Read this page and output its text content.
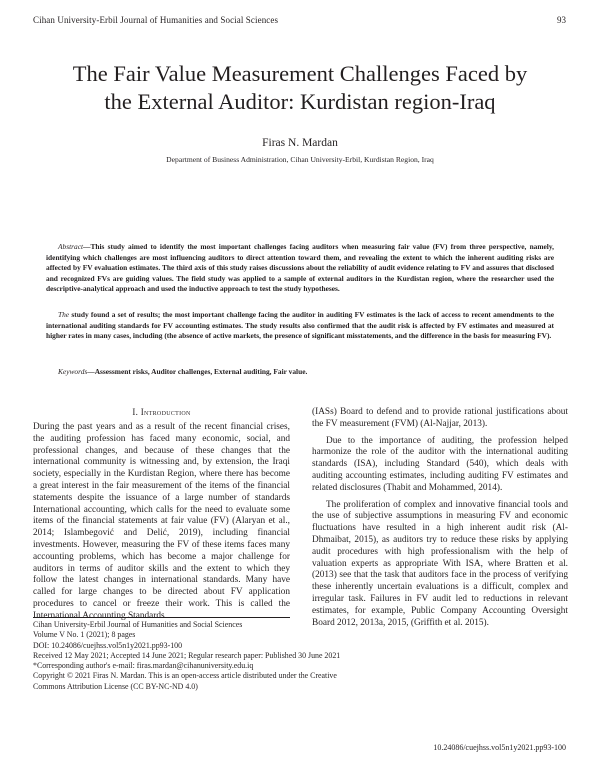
Cihan University-Erbil Journal of Humanities and Social Sciences	93
The Fair Value Measurement Challenges Faced by
the External Auditor: Kurdistan region-Iraq
Firas N. Mardan
Department of Business Administration, Cihan University-Erbil, Kurdistan Region, Iraq

Abstract—This study aimed to identify the most important challenges facing auditors when measuring fair value (FV) from three perspective, namely, identifying which challenges are most influencing auditors to direct attention toward them, and revealing the extent to which the inherent auditing risks are affected by FV evaluation estimates. The third axis of this study raises discussions about the reliability of audit evidence relating to FV and assures that disclosed and recognized FVs are guiding values. The field study was applied to a sample of external auditors in the Kurdistan region, where the researcher used the descriptive-analytical approach and used the inductive approach to test the study hypotheses.

The study found a set of results; the most important challenge facing the auditor in auditing FV estimates is the lack of access to recent amendments to the international auditing standards for FV accounting estimates. The study results also confirmed that the audit risk is affected by FV estimates and measured at higher rates in many cases, including (the absence of active markets, the presence of significant misstatements, and the difference in the basis for measuring FV).

Keywords—Assessment risks, Auditor challenges, External auditing, Fair value.

I. Introduction

During the past years and as a result of the recent financial crises, the auditing profession has faced many economic, social, and professional changes, and because of these changes that the international community is witnessing and, by extension, the Iraqi society, especially in the Kurdistan Region, where there has become a great interest in the fair measurement of the items of the financial statements despite the issuance of a large number of standards International accounting, which calls for the need to evaluate some items of the financial statements at fair value (FV) (Alaryan et al., 2014; Islambegović and Delić, 2019), including financial investments. However, measuring the FV of these items faces many accounting problems, which has become a major challenge for auditors in terms of auditor skills and the extent to which they follow the latest changes in international standards. Many have called for large changes to be directed about FV application procedures to cancel or freeze their work. This is called the International Accounting Standards

(IASs) Board to defend and to provide rational justifications about the FV measurement (FVM) (Al-Najjar, 2013).

Due to the importance of auditing, the profession helped harmonize the role of the auditor with the international auditing standards (ISA), including Standard (540), which deals with auditing accounting estimates, including auditing FV estimates and related disclosures (Thabit and Mohammed, 2014).

The proliferation of complex and innovative financial tools and the use of subjective assumptions in measuring FV and economic fluctuations have resulted in a high inherent audit risk (Al-Dhmaibat, 2015), as auditors try to reduce these risks by applying audit procedures with high professionalism with the help of valuation experts as appropriate With ISA, where Bratten et al. (2013) see that the task that auditors face in the process of verifying these inherently uncertain evaluations is a difficult, complex and irregular task. Failures in FV audit led to reductions in relevant estimates, for example, Public Company Accounting Oversight Board 2012, 2013a, 2015, (Griffith et al. 2015).

Cihan University-Erbil Journal of Humanities and Social Sciences
Volume V No. 1 (2021); 8 pages
DOI: 10.24086/cuejhss.vol5n1y2021.pp93-100
Received 12 May 2021; Accepted 14 June 2021; Regular research paper: Published 30 June 2021
*Corresponding author's e-mail: firas.mardan@cihanuniversity.edu.iq
Copyright © 2021 Firas N. Mardan. This is an open-access article distributed under the Creative
Commons Attribution License (CC BY-NC-ND 4.0)
10.24086/cuejhss.vol5n1y2021.pp93-100
